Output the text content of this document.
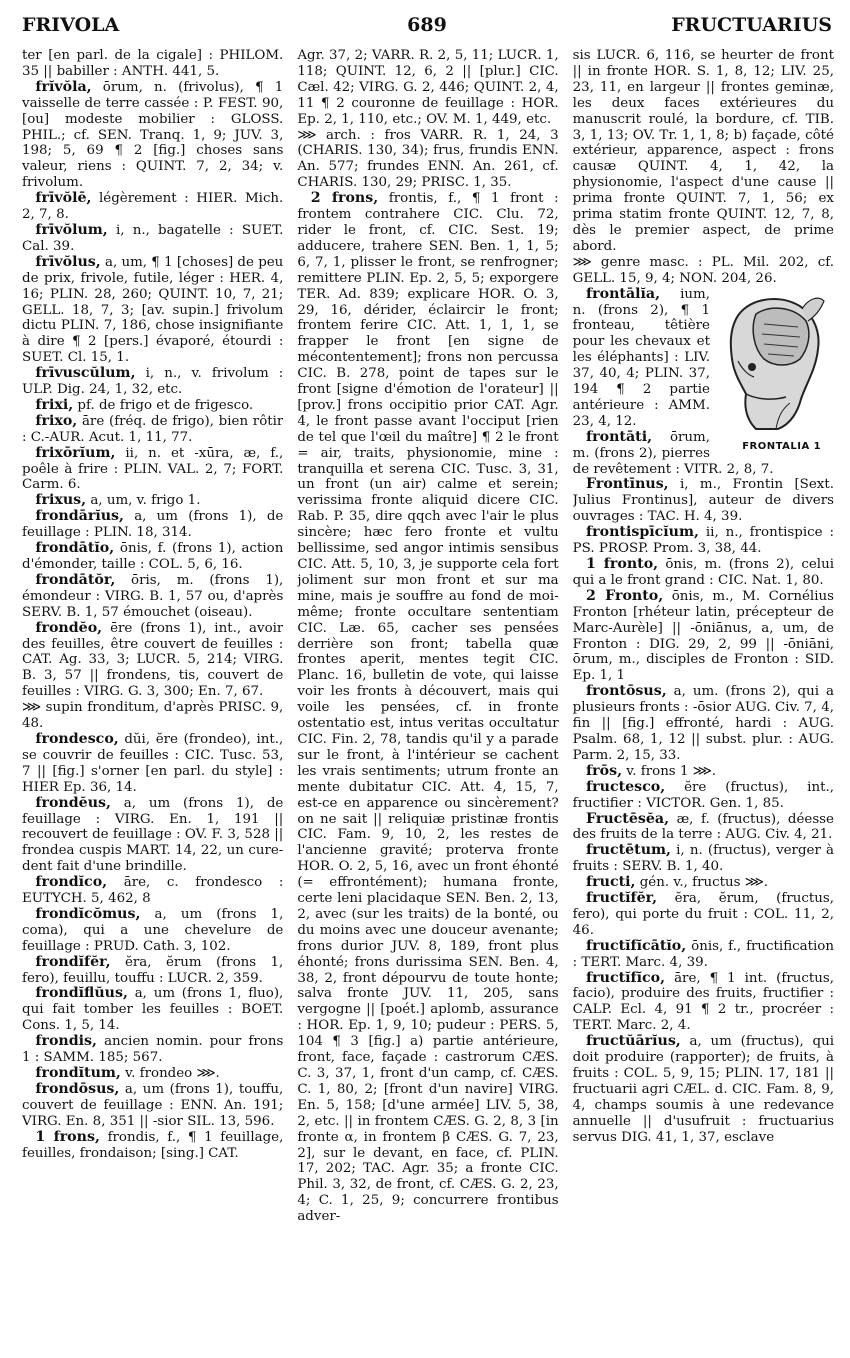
FRIVOLA	689	FRUCTUARIUS

ter [en parl. de la cigale] : PHILOM. 35 || babiller : ANTH. 441, 5.

frĭvŏla, ōrum, n. (frivolus), ¶ 1 vaisselle de terre cassée : P. FEST. 90, [ou] modeste mobilier : GLOSS. PHIL.; cf. SEN. Tranq. 1, 9; JUV. 3, 198; 5, 69 ¶ 2 [fig.] choses sans valeur, riens : QUINT. 7, 2, 34; v. frivolum.

frīvŏlē, légèrement : HIER. Mich. 2, 7, 8.

frīvŏlum, i, n., bagatelle : SUET. Cal. 39.

frīvŏlus, a, um, ¶ 1 [choses] de peu de prix, frivole, futile, léger : HER. 4, 16; PLIN. 28, 260; QUINT. 10, 7, 21; GELL. 18, 7, 3; [av. supin.] frivolum dictu PLIN. 7, 186, chose insignifiante à dire ¶ 2 [pers.] évaporé, étourdi : SUET. Cl. 15, 1.

frīvuscŭlum, i, n., v. frivolum : ULP. Dig. 24, 1, 32, etc.

frixi, pf. de frigo et de frigesco.

frixo, āre (fréq. de frigo), bien rôtir : C.-AUR. Acut. 1, 11, 77.

frixōrĭum, ii, n. et -xūra, æ, f., poêle à frire : PLIN. VAL. 2, 7; FORT. Carm. 6.

frixus, a, um, v. frigo 1.

frondārĭus, a, um (frons 1), de feuillage : PLIN. 18, 314.

frondātĭo, ōnis, f. (frons 1), action d'émonder, taille : COL. 5, 6, 16.

frondātŏr, ōris, m. (frons 1), émondeur : VIRG. B. 1, 57 ou, d'après SERV. B. 1, 57 émouchet (oiseau).

frondĕo, ēre (frons 1), int., avoir des feuilles, être couvert de feuilles : CAT. Ag. 33, 3; LUCR. 5, 214; VIRG. B. 3, 57 || frondens, tis, couvert de feuilles : VIRG. G. 3, 300; En. 7, 67.

⋙ supin fronditum, d'après PRISC. 9, 48.

frondesco, dŭi, ĕre (frondeo), int., se couvrir de feuilles : CIC. Tusc. 53, 7 || [fig.] s'orner [en parl. du style] : HIER Ep. 36, 14.

frondĕus, a, um (frons 1), de feuillage : VIRG. En. 1, 191 || recouvert de feuillage : OV. F. 3, 528 || frondea cuspis MART. 14, 22, un cure-dent fait d'une brindille.

frondĭco, āre, c. frondesco : EUTYCH. 5, 462, 8

frondĭcŏmus, a, um (frons 1, coma), qui a une chevelure de feuillage : PRUD. Cath. 3, 102.

frondĭfĕr, ĕra, ĕrum (frons 1, fero), feuillu, touffu : LUCR. 2, 359.

frondĭflŭus, a, um (frons 1, fluo), qui fait tomber les feuilles : BOET. Cons. 1, 5, 14.

frondis, ancien nomin. pour frons 1 : SAMM. 185; 567.

frondĭtum, v. frondeo ⋙.

frondōsus, a, um (frons 1), touffu, couvert de feuillage : ENN. An. 191; VIRG. En. 8, 351 || -sior SIL. 13, 596.

1 frons, frondis, f., ¶ 1 feuillage, feuilles, frondaison; [sing.] CAT.

Agr. 37, 2; VARR. R. 2, 5, 11; LUCR. 1, 118; QUINT. 12, 6, 2 || [plur.] CIC. Cæl. 42; VIRG. G. 2, 446; QUINT. 2, 4, 11 ¶ 2 couronne de feuillage : HOR. Ep. 2, 1, 110, etc.; OV. M. 1, 449, etc.

⋙ arch. : fros VARR. R. 1, 24, 3 (CHARIS. 130, 34); frus, frundis ENN. An. 577; frundes ENN. An. 261, cf. CHARIS. 130, 29; PRISC. 1, 35.

2 frons, frontis, f., ¶ 1 front : frontem contrahere CIC. Clu. 72, rider le front, cf. CIC. Sest. 19; adducere, trahere SEN. Ben. 1, 1, 5; 6, 7, 1, plisser le front, se renfrogner; remittere PLIN. Ep. 2, 5, 5; exporgere TER. Ad. 839; explicare HOR. O. 3, 29, 16, dérider, éclaircir le front; frontem ferire CIC. Att. 1, 1, 1, se frapper le front [en signe de mécontentement]; frons non percussa CIC. B. 278, point de tapes sur le front [signe d'émotion de l'orateur] || [prov.] frons occipitio prior CAT. Agr. 4, le front passe avant l'occiput [rien de tel que l'œil du maître] ¶ 2 le front = air, traits, physionomie, mine : tranquilla et serena CIC. Tusc. 3, 31, un front (un air) calme et serein; verissima fronte aliquid dicere CIC. Rab. P. 35, dire qqch avec l'air le plus sincère; hæc fero fronte et vultu bellissime, sed angor intimis sensibus CIC. Att. 5, 10, 3, je supporte cela fort joliment sur mon front et sur ma mine, mais je souffre au fond de moi-même; fronte occultare sententiam CIC. Læ. 65, cacher ses pensées derrière son front; tabella quæ frontes aperit, mentes tegit CIC. Planc. 16, bulletin de vote, qui laisse voir les fronts à découvert, mais qui voile les pensées, cf. in fronte ostentatio est, intus veritas occultatur CIC. Fin. 2, 78, tandis qu'il y a parade sur le front, à l'intérieur se cachent les vrais sentiments; utrum fronte an mente dubitatur CIC. Att. 4, 15, 7, est-ce en apparence ou sincèrement? on ne sait || reliquiæ pristinæ frontis CIC. Fam. 9, 10, 2, les restes de l'ancienne gravité; proterva fronte HOR. O. 2, 5, 16, avec un front éhonté (= effrontément); humana fronte, certe leni placidaque SEN. Ben. 2, 13, 2, avec (sur les traits) de la bonté, ou du moins avec une douceur avenante; frons durior JUV. 8, 189, front plus éhonté; frons durissima SEN. Ben. 4, 38, 2, front dépourvu de toute honte; salva fronte JUV. 11, 205, sans vergogne || [poét.] aplomb, assurance : HOR. Ep. 1, 9, 10; pudeur : PERS. 5, 104 ¶ 3 [fig.] a) partie antérieure, front, face, façade : castrorum CÆS. C. 3, 37, 1, front d'un camp, cf. CÆS. C. 1, 80, 2; [front d'un navire] VIRG. En. 5, 158; [d'une armée] LIV. 5, 38, 2, etc. || in frontem CÆS. G. 2, 8, 3 [in fronte α, in frontem β CÆS. G. 7, 23, 2], sur le devant, en face, cf. PLIN. 17, 202; TAC. Agr. 35; a fronte CIC. Phil. 3, 32, de front, cf. CÆS. G. 2, 23, 4; C. 1, 25, 9; concurrere frontibus adver-

sis LUCR. 6, 116, se heurter de front || in fronte HOR. S. 1, 8, 12; LIV. 25, 23, 11, en largeur || frontes geminæ, les deux faces extérieures du manuscrit roulé, la bordure, cf. TIB. 3, 1, 13; OV. Tr. 1, 1, 8; b) façade, côté extérieur, apparence, aspect : frons causæ QUINT. 4, 1, 42, la physionomie, l'aspect d'une cause || prima fronte QUINT. 7, 1, 56; ex prima statim fronte QUINT. 12, 7, 8, dès le premier aspect, de prime abord.

⋙ genre masc. : PL. Mil. 202, cf. GELL. 15, 9, 4; NON. 204, 26.

FRONTALIA 1
frontālĭa, ium, n. (frons 2), ¶ 1 fronteau, têtière pour les chevaux et les éléphants] : LIV. 37, 40, 4; PLIN. 37, 194 ¶ 2 partie antérieure : AMM. 23, 4, 12.

frontāti, ōrum, m. (frons 2), pierres de revêtement : VITR. 2, 8, 7.

Frontīnus, i, m., Frontin [Sext. Julius Frontinus], auteur de divers ouvrages : TAC. H. 4, 39.

frontispīcĭum, ii, n., frontispice : PS. PROSP. Prom. 3, 38, 44.

1 fronto, ōnis, m. (frons 2), celui qui a le front grand : CIC. Nat. 1, 80.

2 Fronto, ōnis, m., M. Cornélius Fronton [rhéteur latin, précepteur de Marc-Aurèle] || -ōniānus, a, um, de Fronton : DIG. 29, 2, 99 || -ōniāni, ōrum, m., disciples de Fronton : SID. Ep. 1, 1

frontōsus, a, um. (frons 2), qui a plusieurs fronts : -ōsior AUG. Civ. 7, 4, fin || [fig.] effronté, hardi : AUG. Psalm. 68, 1, 12 || subst. plur. : AUG. Parm. 2, 15, 33.

frōs, v. frons 1 ⋙.

fructesco, ĕre (fructus), int., fructifier : VICTOR. Gen. 1, 85.

Fructēsĕa, æ, f. (fructus), déesse des fruits de la terre : AUG. Civ. 4, 21.

fructētum, i, n. (fructus), verger à fruits : SERV. B. 1, 40.

fructi, gén. v., fructus ⋙.

fructĭfĕr, ĕra, ĕrum, (fructus, fero), qui porte du fruit : COL. 11, 2, 46.

fructĭfĭcātĭo, ōnis, f., fructification : TERT. Marc. 4, 39.

fructĭfĭco, āre, ¶ 1 int. (fructus, facio), produire des fruits, fructifier : CALP. Ecl. 4, 91 ¶ 2 tr., procréer : TERT. Marc. 2, 4.

fructŭārĭus, a, um (fructus), qui doit produire (rapporter); de fruits, à fruits : COL. 5, 9, 15; PLIN. 17, 181 || fructuarii agri CÆL. d. CIC. Fam. 8, 9, 4, champs soumis à une redevance annuelle || d'usufruit : fructuarius servus DIG. 41, 1, 37, esclave
